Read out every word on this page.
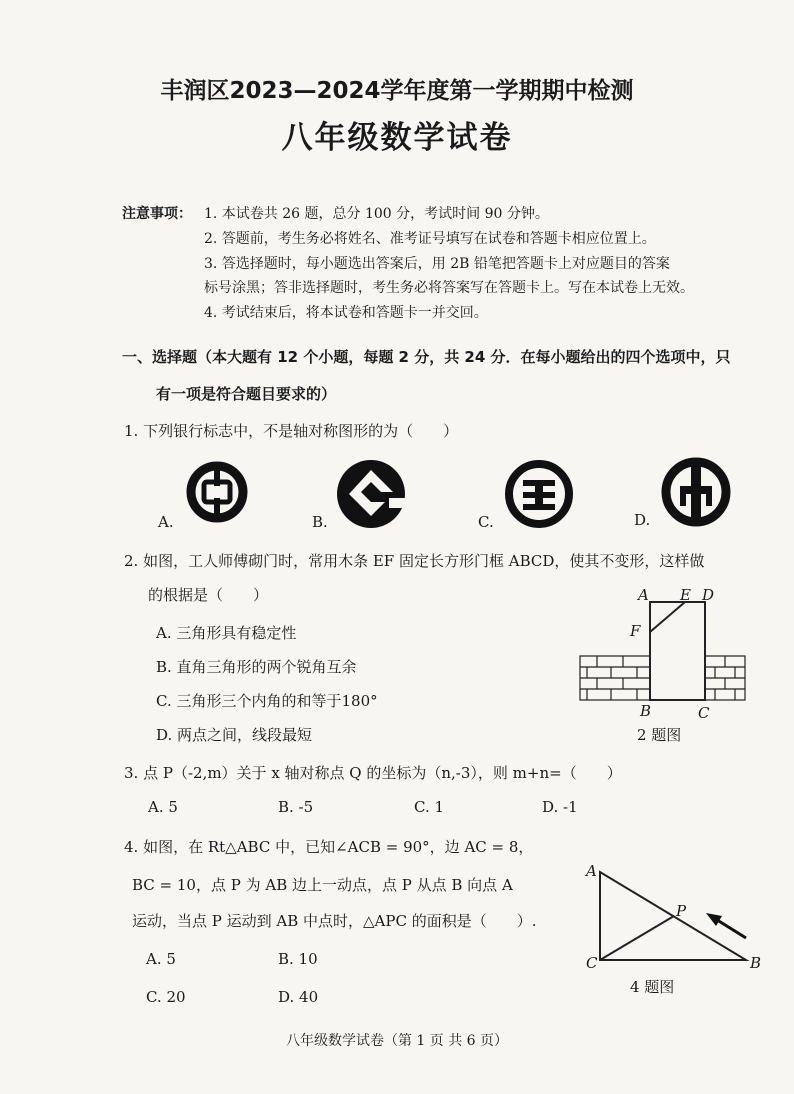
丰润区2023—2024学年度第一学期期中检测
八年级数学试卷
注意事项： 1. 本试卷共 26 题，总分 100 分，考试时间 90 分钟。
2. 答题前，考生务必将姓名、准考证号填写在试卷和答题卡相应位置上。
3. 答选择题时，每小题选出答案后，用 2B 铅笔把答题卡上对应题目的答案
标号涂黑；答非选择题时，考生务必将答案写在答题卡上。写在本试卷上无效。
4. 考试结束后，将本试卷和答题卡一并交回。
一、选择题（本大题有 12 个小题，每题 2 分，共 24 分．在每小题给出的四个选项中，只
有一项是符合题目要求的）
1. 下列银行标志中，不是轴对称图形的为（　　）
A.	B.	C.	D.
2. 如图，工人师傅砌门时，常用木条 EF 固定长方形门框 ABCD，使其不变形，这样做
的根据是（　　）
A. 三角形具有稳定性
B. 直角三角形的两个锐角互余
C. 三角形三个内角的和等于180°
D. 两点之间，线段最短
A E D
F
B	C
2 题图
3. 点 P（-2,m）关于 x 轴对称点 Q 的坐标为（n,-3），则 m+n=（　　）
A. 5	B. -5	C. 1	D. -1
4. 如图，在 Rt△ABC 中，已知∠ACB = 90°，边 AC = 8，
BC = 10，点 P 为 AB 边上一动点，点 P 从点 B 向点 A
运动，当点 P 运动到 AB 中点时，△APC 的面积是（　　）.
A. 5	B. 10
C. 20	D. 40
A
P
C	B
4 题图
八年级数学试卷（第 1 页 共 6 页）
